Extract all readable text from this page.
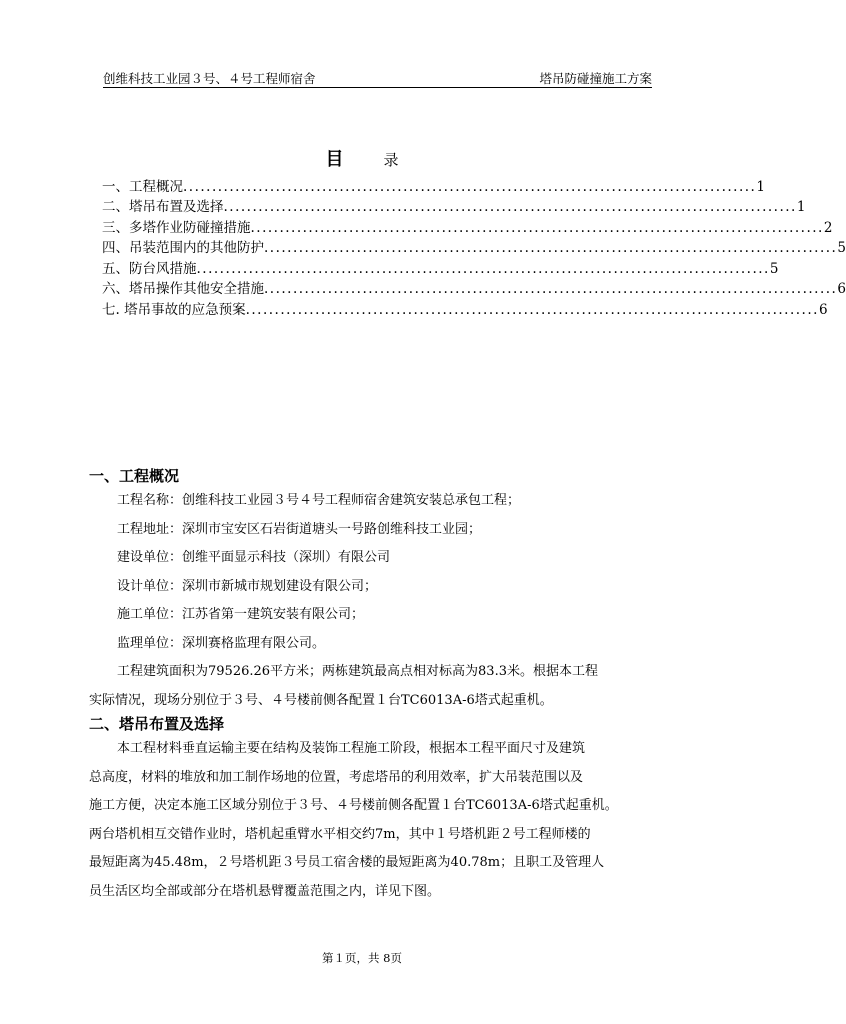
创维科技工业园３号、４号工程师宿舍	塔吊防碰撞施工方案
目	录
一、工程概况 ................................................................................................... 1
二、塔吊布置及选择 ................................................................................................... 1
三、多塔作业防碰撞措施 ................................................................................................... 2
四、吊装范围内的其他防护 ................................................................................................... 5
五、防台风措施 ................................................................................................... 5
六、塔吊操作其他安全措施 ................................................................................................... 6
七. 塔吊事故的应急预案 ................................................................................................... 6
一、工程概况
工程名称：创维科技工业园３号４号工程师宿舍建筑安装总承包工程；
工程地址：深圳市宝安区石岩街道塘头一号路创维科技工业园；
建设单位：创维平面显示科技（深圳）有限公司
设计单位：深圳市新城市规划建设有限公司；
施工单位：江苏省第一建筑安装有限公司；
监理单位：深圳赛格监理有限公司。
工程建筑面积为79526.26平方米；两栋建筑最高点相对标高为83.3米。根据本工程
实际情况，现场分别位于３号、４号楼前侧各配置１台TC6013A-6塔式起重机。
二、塔吊布置及选择
本工程材料垂直运输主要在结构及装饰工程施工阶段，根据本工程平面尺寸及建筑
总高度，材料的堆放和加工制作场地的位置，考虑塔吊的利用效率，扩大吊装范围以及
施工方便，决定本施工区域分别位于３号、４号楼前侧各配置１台TC6013A-6塔式起重机。
两台塔机相互交错作业时，塔机起重臂水平相交约7m，其中１号塔机距２号工程师楼的
最短距离为45.48m，２号塔机距３号员工宿舍楼的最短距离为40.78m；且职工及管理人
员生活区均全部或部分在塔机悬臂覆盖范围之内，详见下图。
第１页，共 8页
